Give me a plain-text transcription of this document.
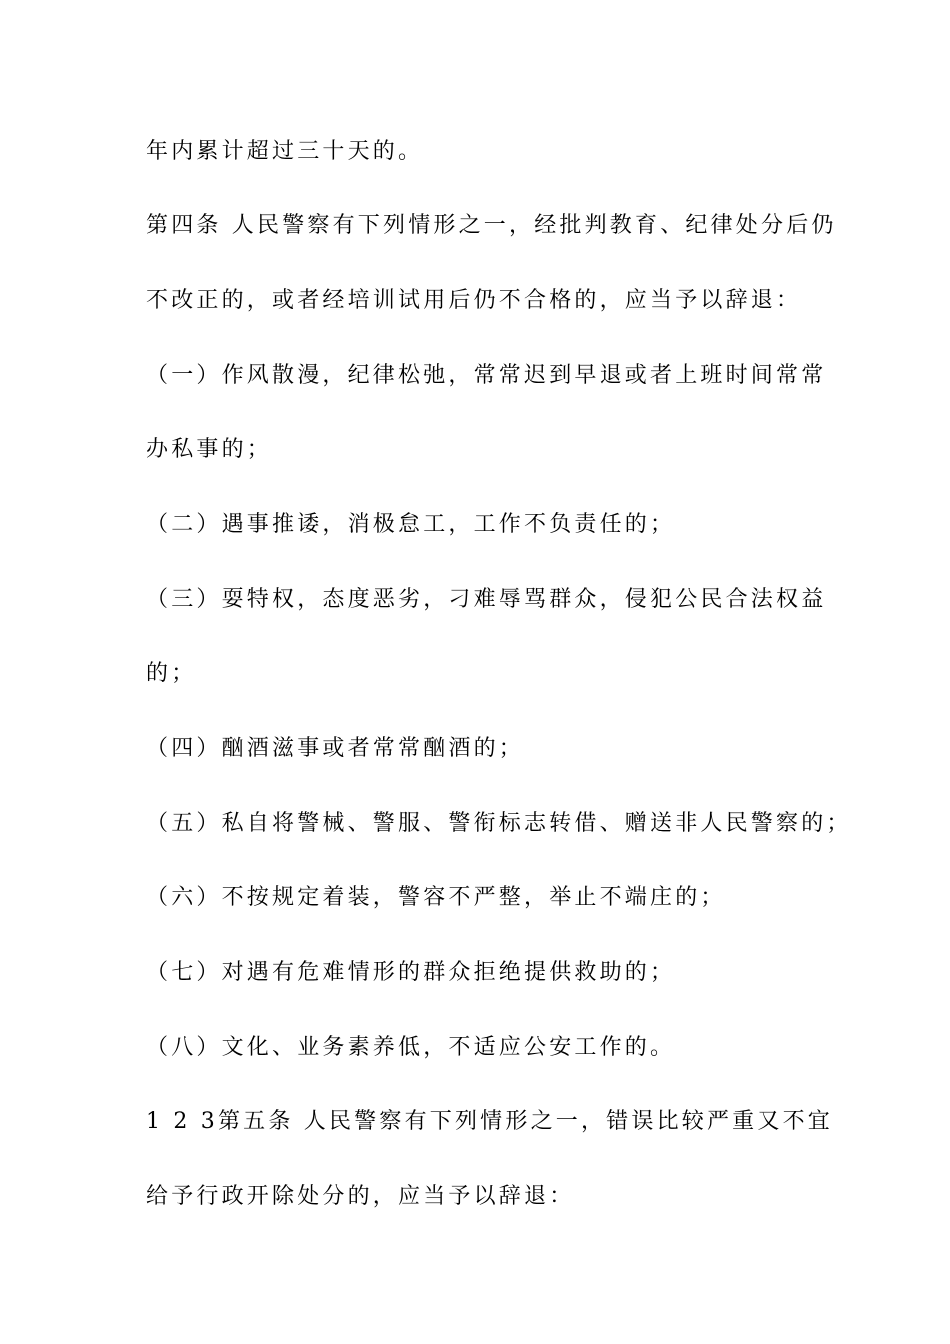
年内累计超过三十天的。
第四条 人民警察有下列情形之一，经批判教育、纪律处分后仍
不改正的，或者经培训试用后仍不合格的，应当予以辞退：
（一）作风散漫，纪律松弛，常常迟到早退或者上班时间常常
办私事的；
（二）遇事推诿，消极怠工，工作不负责任的；
（三）耍特权，态度恶劣，刁难辱骂群众，侵犯公民合法权益
的；
（四）酗酒滋事或者常常酗酒的；
（五）私自将警械、警服、警衔标志转借、赠送非人民警察的；
（六）不按规定着装，警容不严整，举止不端庄的；
（七）对遇有危难情形的群众拒绝提供救助的；
（八）文化、业务素养低，不适应公安工作的。
1 2 3第五条 人民警察有下列情形之一，错误比较严重又不宜
给予行政开除处分的，应当予以辞退：
